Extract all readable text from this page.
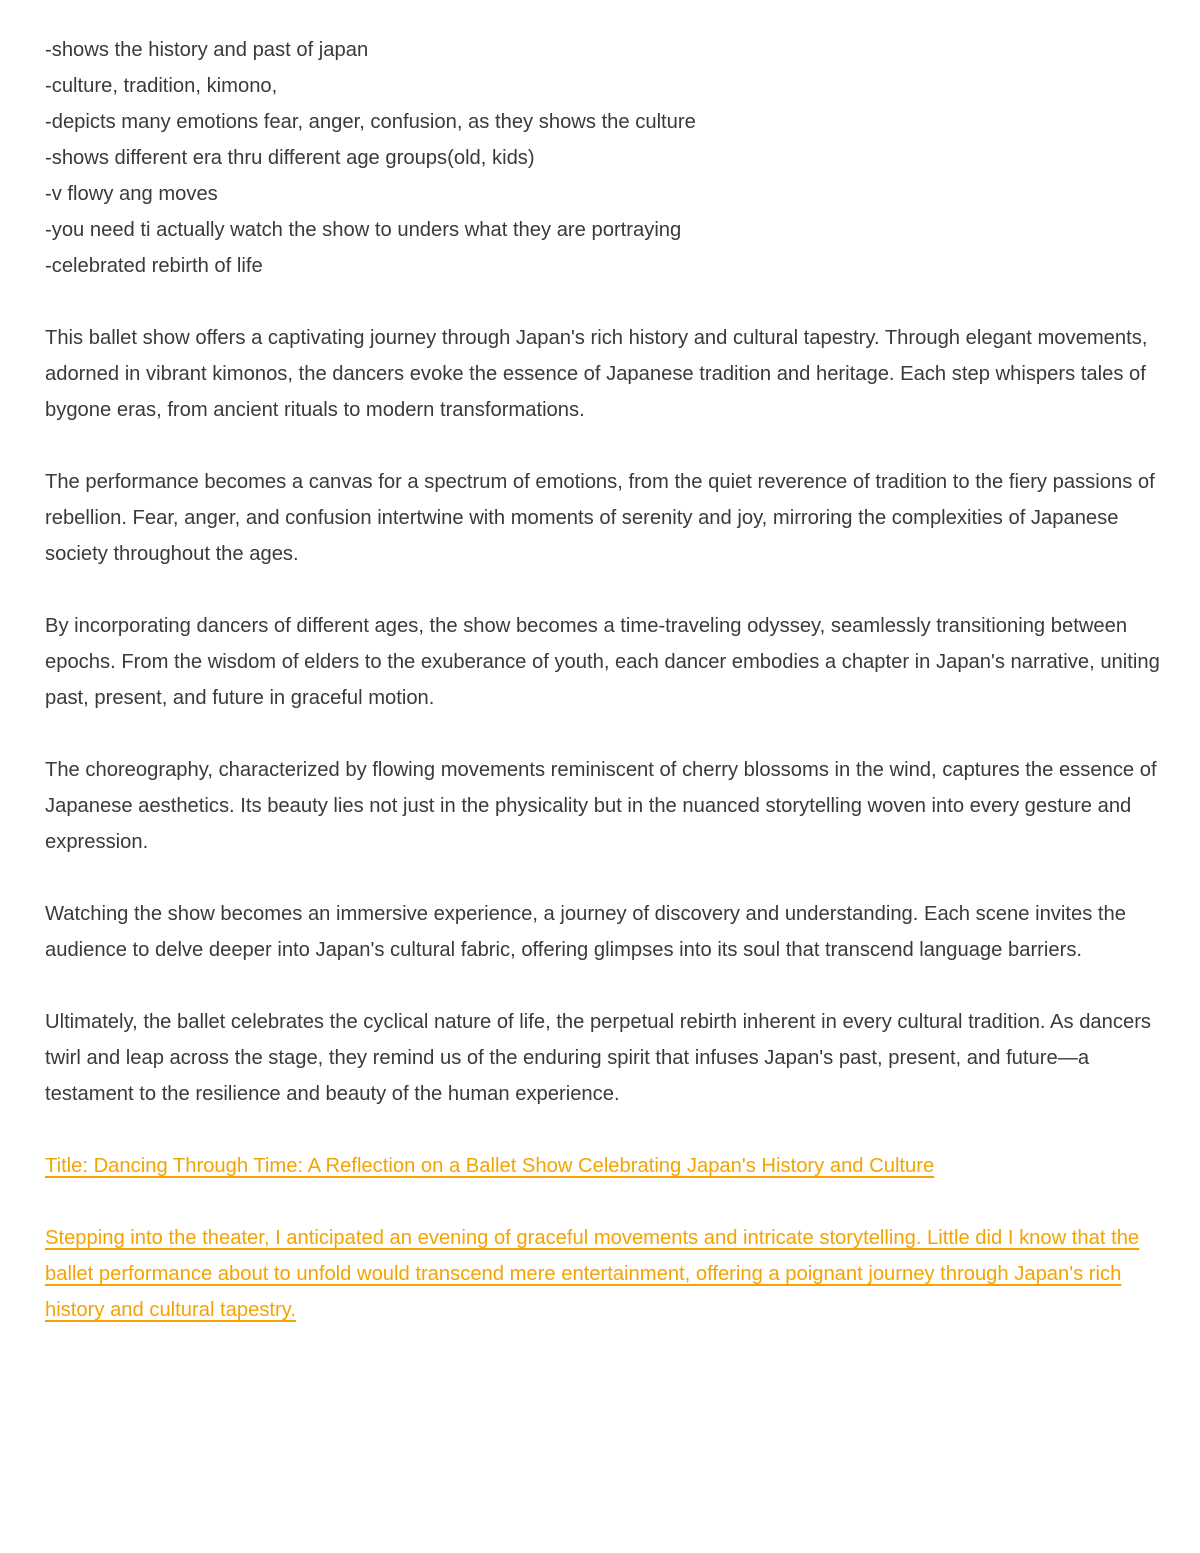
-shows the history and past of japan
-culture, tradition, kimono,
-depicts many emotions fear, anger, confusion, as they shows the culture
-shows different era thru different age groups(old, kids)
-v flowy ang moves
-you need ti actually watch the show to unders what they are portraying
-celebrated rebirth of life

This ballet show offers a captivating journey through Japan's rich history and cultural tapestry. Through elegant movements, adorned in vibrant kimonos, the dancers evoke the essence of Japanese tradition and heritage. Each step whispers tales of bygone eras, from ancient rituals to modern transformations.

The performance becomes a canvas for a spectrum of emotions, from the quiet reverence of tradition to the fiery passions of rebellion. Fear, anger, and confusion intertwine with moments of serenity and joy, mirroring the complexities of Japanese society throughout the ages.

By incorporating dancers of different ages, the show becomes a time-traveling odyssey, seamlessly transitioning between epochs. From the wisdom of elders to the exuberance of youth, each dancer embodies a chapter in Japan's narrative, uniting past, present, and future in graceful motion.

The choreography, characterized by flowing movements reminiscent of cherry blossoms in the wind, captures the essence of Japanese aesthetics. Its beauty lies not just in the physicality but in the nuanced storytelling woven into every gesture and expression.

Watching the show becomes an immersive experience, a journey of discovery and understanding. Each scene invites the audience to delve deeper into Japan's cultural fabric, offering glimpses into its soul that transcend language barriers.

Ultimately, the ballet celebrates the cyclical nature of life, the perpetual rebirth inherent in every cultural tradition. As dancers twirl and leap across the stage, they remind us of the enduring spirit that infuses Japan's past, present, and future—a testament to the resilience and beauty of the human experience.

Title: Dancing Through Time: A Reflection on a Ballet Show Celebrating Japan's History and Culture

Stepping into the theater, I anticipated an evening of graceful movements and intricate storytelling. Little did I know that the ballet performance about to unfold would transcend mere entertainment, offering a poignant journey through Japan's rich history and cultural tapestry.
